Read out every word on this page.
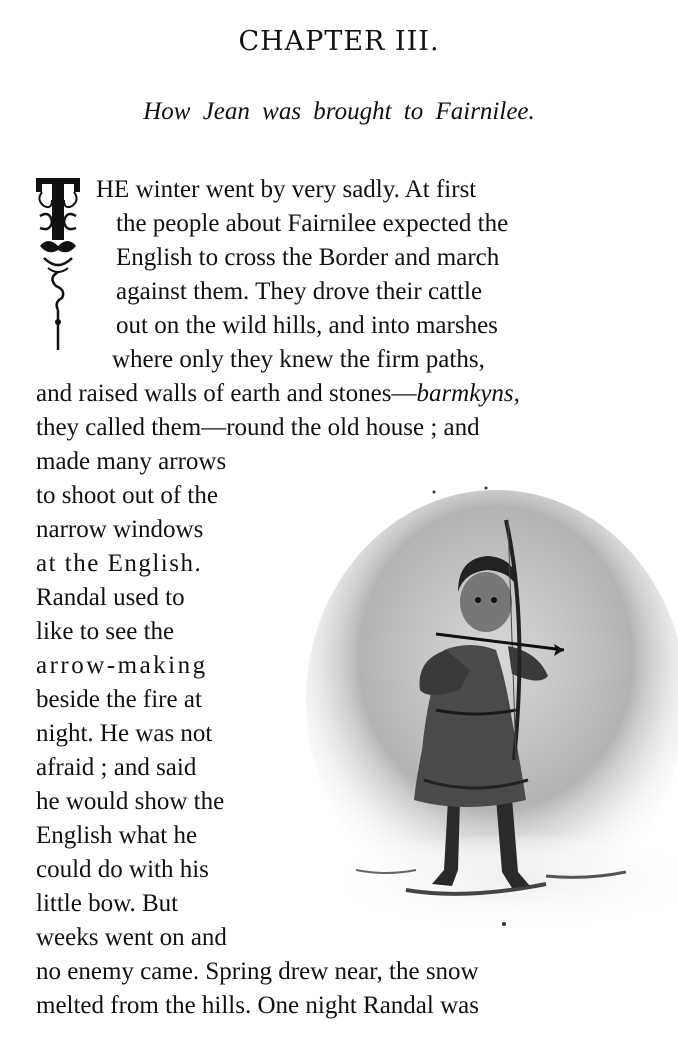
CHAPTER III.
How Jean was brought to Fairnilee.
T HE winter went by very sadly. At first
the people about Fairnilee expected the
English to cross the Border and march
against them. They drove their cattle
out on the wild hills, and into marshes
where only they knew the firm paths,
and raised walls of earth and stones—barmkyns,
they called them—round the old house ; and
made many arrows
to shoot out of the
narrow windows
at the English.
Randal used to
like to see the
arrow-making
beside the fire at
night. He was not
afraid ; and said
he would show the
English what he
could do with his
little bow. But
weeks went on and
no enemy came. Spring drew near, the snow
melted from the hills. One night Randal was
